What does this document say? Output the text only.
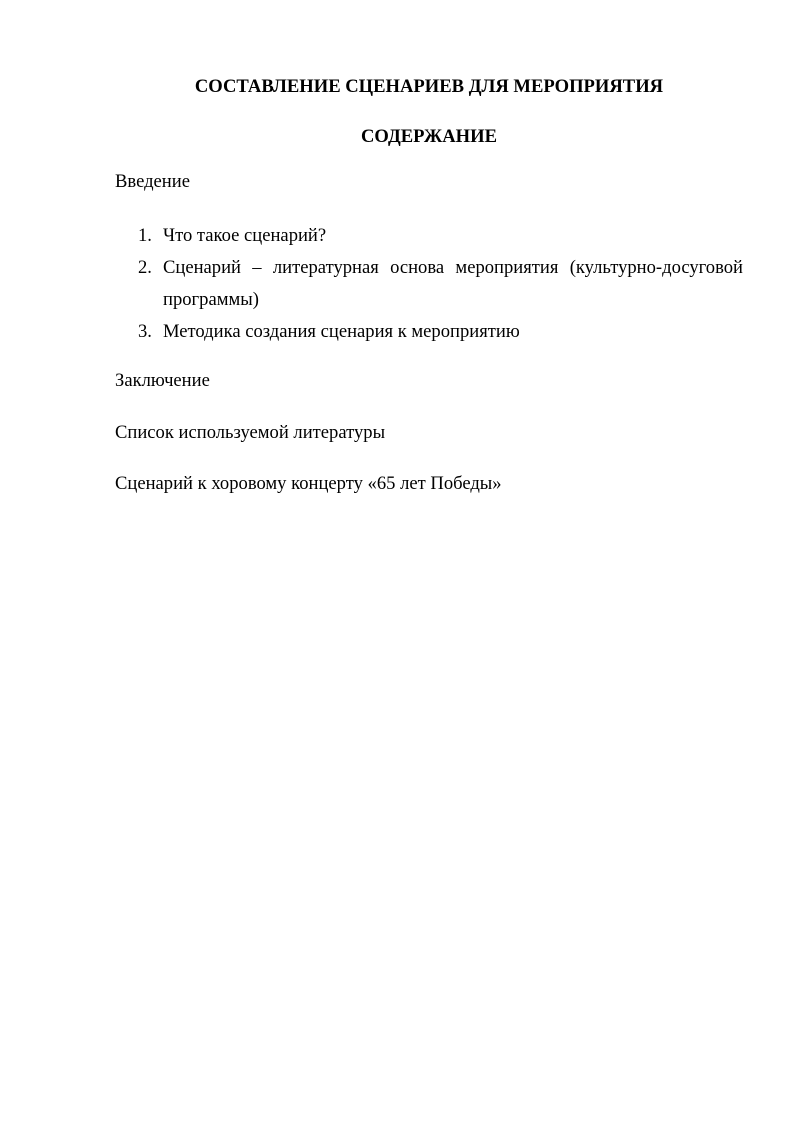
СОСТАВЛЕНИЕ СЦЕНАРИЕВ ДЛЯ МЕРОПРИЯТИЯ
СОДЕРЖАНИЕ
Введение
1. Что такое сценарий?
2. Сценарий – литературная основа мероприятия (культурно-досуговой программы)
3. Методика создания сценария к мероприятию
Заключение
Список используемой литературы
Сценарий к хоровому концерту «65 лет Победы»
